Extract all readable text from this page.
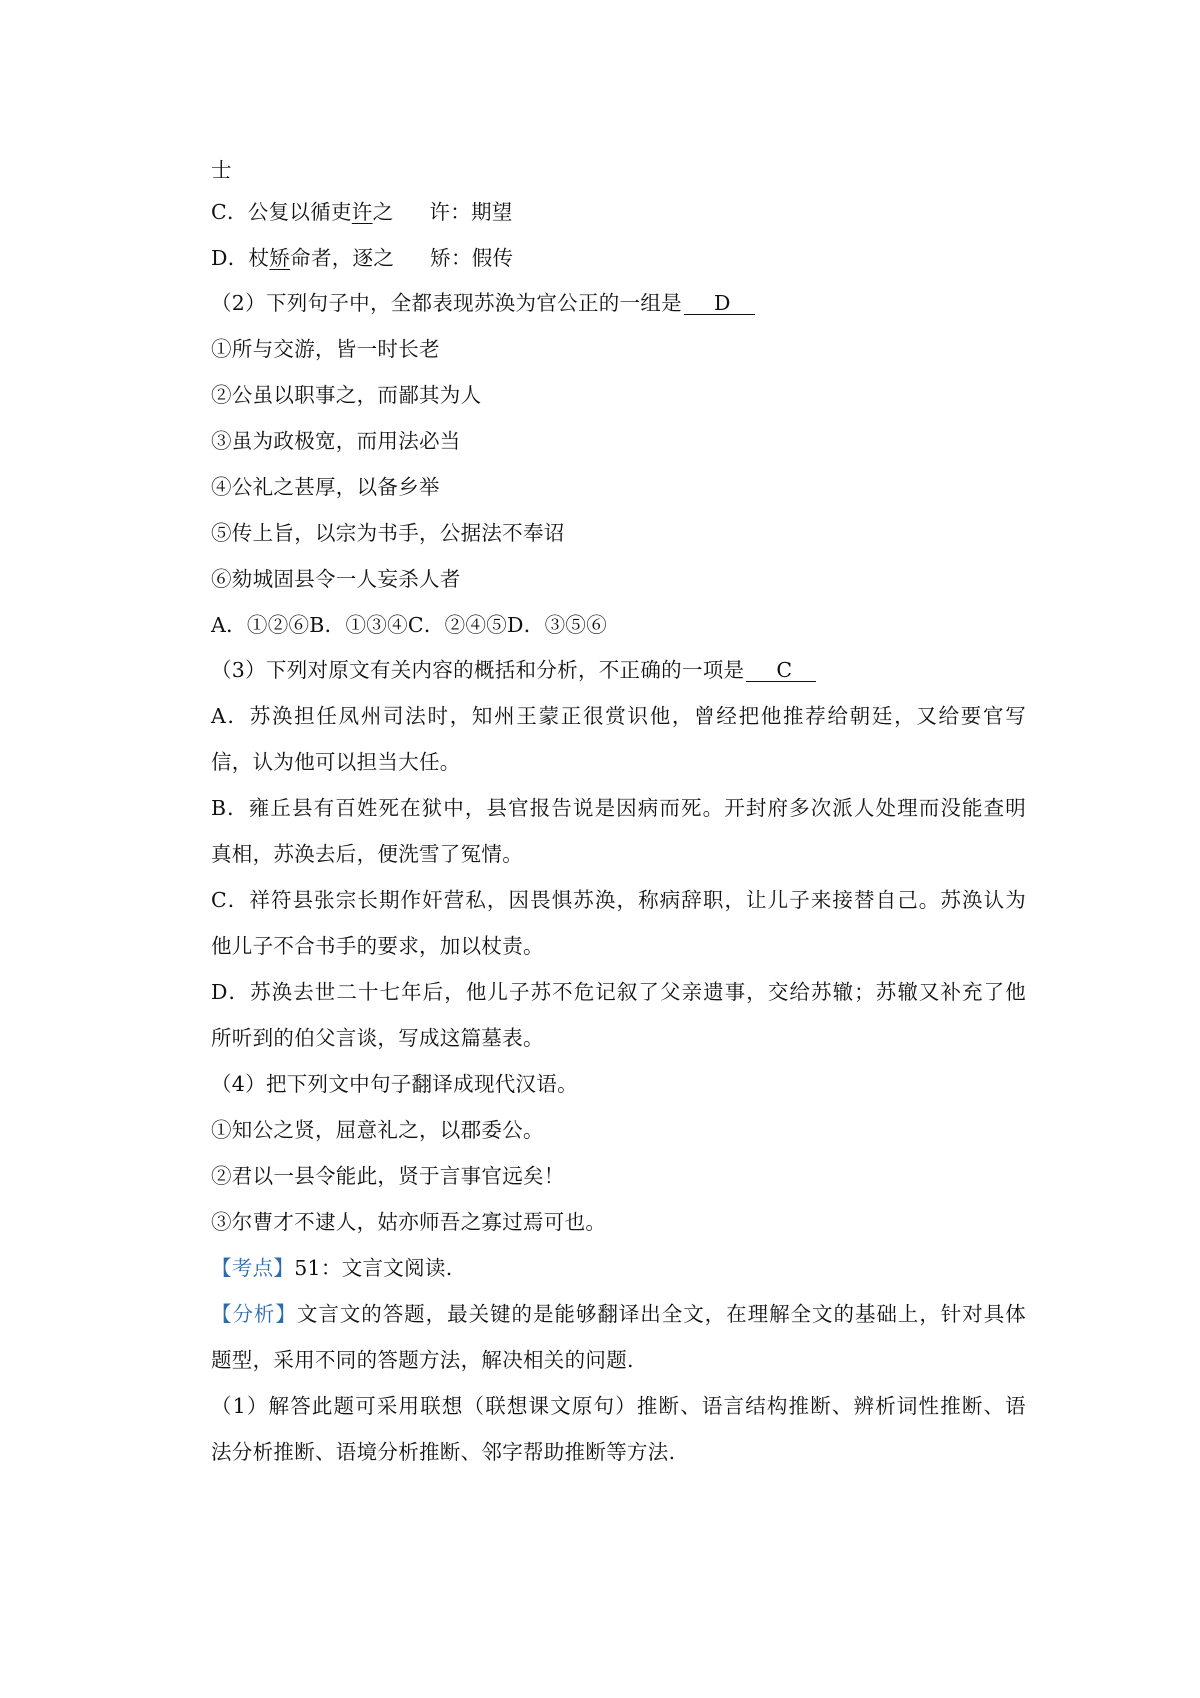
士
C．公复以循吏许之 许：期望
D．杖矫命者，逐之 矫：假传
（2）下列句子中，全都表现苏涣为官公正的一组是 D
①所与交游，皆一时长老
②公虽以职事之，而鄙其为人
③虽为政极宽，而用法必当
④公礼之甚厚，以备乡举
⑤传上旨，以宗为书手，公据法不奉诏
⑥劾城固县令一人妄杀人者
A．①②⑥B．①③④C．②④⑤D．③⑤⑥
（3）下列对原文有关内容的概括和分析，不正确的一项是 C
A．苏涣担任凤州司法时，知州王蒙正很赏识他，曾经把他推荐给朝廷，又给要官写
信，认为他可以担当大任。
B．雍丘县有百姓死在狱中，县官报告说是因病而死。开封府多次派人处理而没能查明
真相，苏涣去后，便洗雪了冤情。
C．祥符县张宗长期作奸营私，因畏惧苏涣，称病辞职，让儿子来接替自己。苏涣认为
他儿子不合书手的要求，加以杖责。
D．苏涣去世二十七年后，他儿子苏不危记叙了父亲遗事，交给苏辙；苏辙又补充了他
所听到的伯父言谈，写成这篇墓表。
（4）把下列文中句子翻译成现代汉语。
①知公之贤，屈意礼之，以郡委公。
②君以一县令能此，贤于言事官远矣！
③尔曹才不逮人，姑亦师吾之寡过焉可也。
【考点】51：文言文阅读.
【分析】文言文的答题，最关键的是能够翻译出全文，在理解全文的基础上，针对具体
题型，采用不同的答题方法，解决相关的问题.
（1）解答此题可采用联想（联想课文原句）推断、语言结构推断、辨析词性推断、语
法分析推断、语境分析推断、邻字帮助推断等方法.
